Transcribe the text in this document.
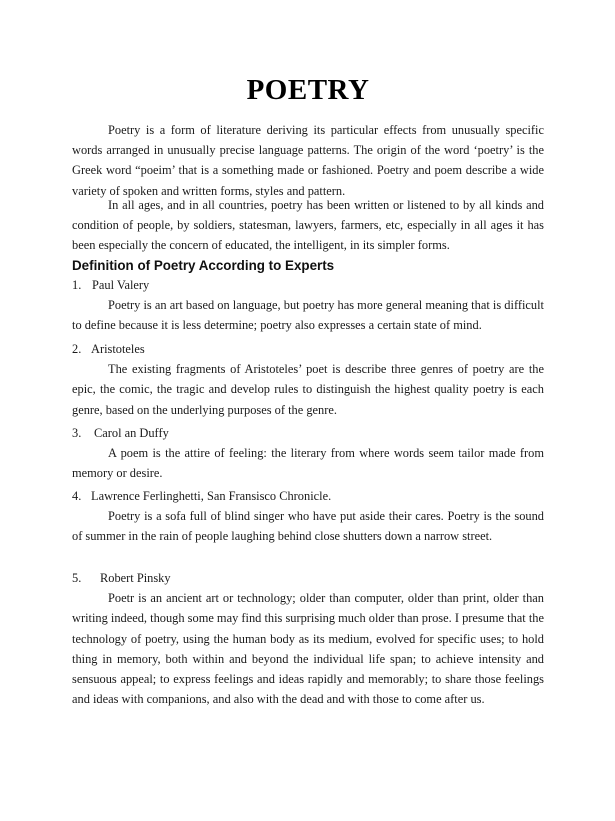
POETRY

Poetry is a form of literature deriving its particular effects from unusually specific words arranged in unusually precise language patterns. The origin of the word ‘poetry’ is the Greek word “poeim’ that is a something made or fashioned. Poetry and poem describe a wide variety of spoken and written forms, styles and pattern.

In all ages, and in all countries, poetry has been written or listened to by all kinds and condition of people, by soldiers, statesman, lawyers, farmers, etc, especially in all ages it has been especially the concern of educated, the intelligent, in its simpler forms.

Definition of Poetry According to Experts
1. Paul Valery

Poetry is an art based on language, but poetry has more general meaning that is difficult to define because it is less determine; poetry also expresses a certain state of mind.

2. Aristoteles

The existing fragments of Aristoteles’ poet is describe three genres of poetry are the epic, the comic, the tragic and develop rules to distinguish the highest quality poetry is each genre, based on the underlying purposes of the genre.

3. Carol an Duffy

A poem is the attire of feeling: the literary from where words seem tailor made from memory or desire.

4. Lawrence Ferlinghetti, San Fransisco Chronicle.

Poetry is a sofa full of blind singer who have put aside their cares. Poetry is the sound of summer in the rain of people laughing behind close shutters down a narrow street.

5. Robert Pinsky

Poetr is an ancient art or technology; older than computer, older than print, older than writing indeed, though some may find this surprising much older than prose. I presume that the technology of poetry, using the human body as its medium, evolved for specific uses; to hold thing in memory, both within and beyond the individual life span; to achieve intensity and sensuous appeal; to express feelings and ideas rapidly and memorably; to share those feelings and ideas with companions, and also with the dead and with those to come after us.
